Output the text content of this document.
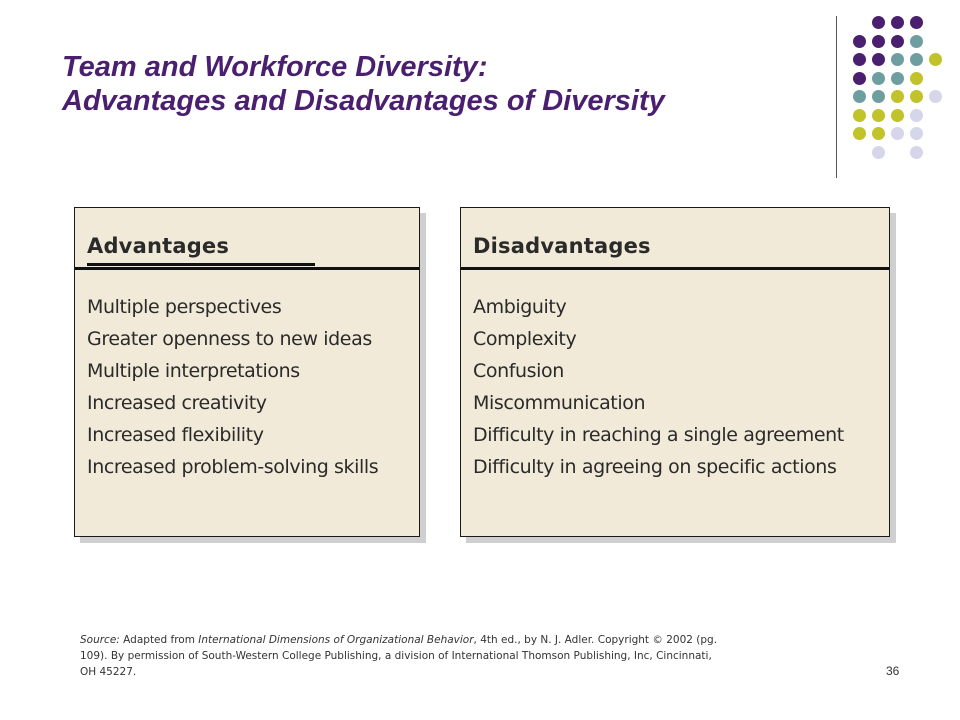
Team and Workforce Diversity:
Advantages and Disadvantages of Diversity
Advantages
Multiple perspectives
Greater openness to new ideas
Multiple interpretations
Increased creativity
Increased flexibility
Increased problem-solving skills
Disadvantages
Ambiguity
Complexity
Confusion
Miscommunication
Difficulty in reaching a single agreement
Difficulty in agreeing on specific actions
Source: Adapted from International Dimensions of Organizational Behavior, 4th ed., by N. J. Adler. Copyright © 2002 (pg. 109). By permission of South-Western College Publishing, a division of International Thomson Publishing, Inc, Cincinnati, OH 45227.	36
